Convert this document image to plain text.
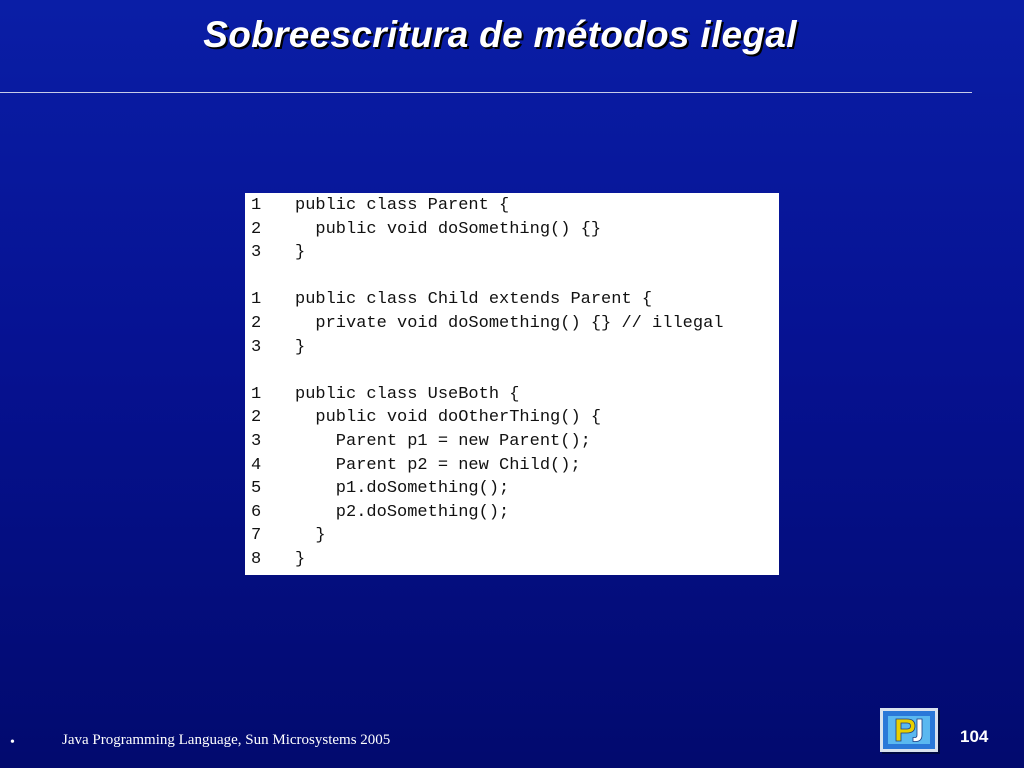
Sobreescritura de métodos ilegal

1

public class Parent {

2

public void doSomething() {}

3

}

1

public class Child extends Parent {

2

private void doSomething() {} // illegal

3

}

1

public class UseBoth {

2

public void doOtherThing() {

3

Parent p1 = new Parent();

4

Parent p2 = new Child();

5

p1.doSomething();

6

p2.doSomething();

7

}

8

}

•	Java Programming Language, Sun Microsystems 2005	104
